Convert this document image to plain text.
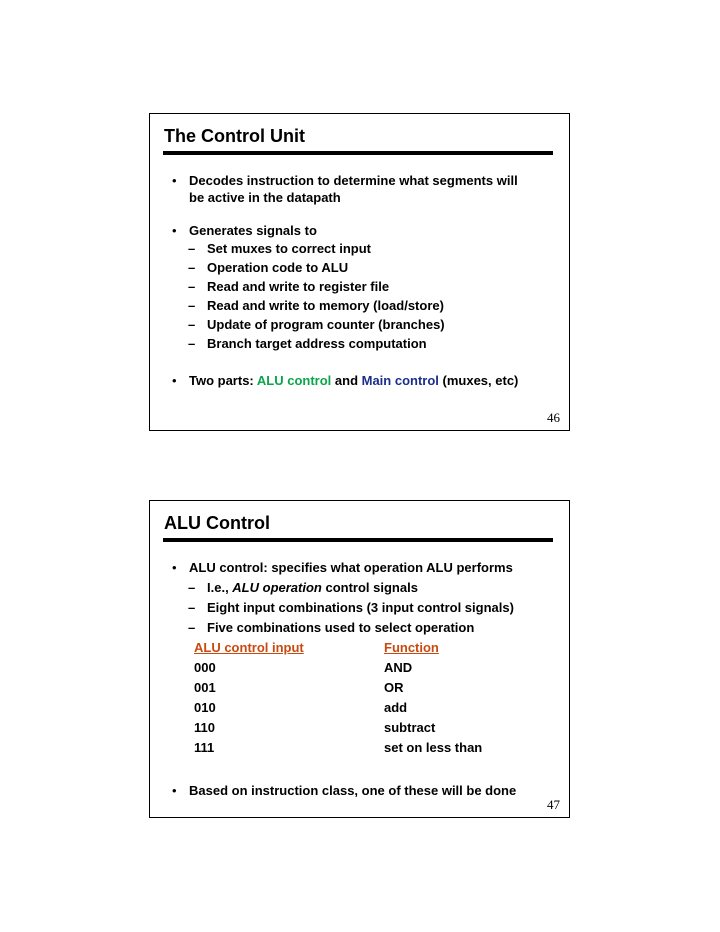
The Control Unit
• Decodes instruction to determine what segments will
be active in the datapath
• Generates signals to
– Set muxes to correct input
– Operation code to ALU
– Read and write to register file
– Read and write to memory (load/store)
– Update of program counter (branches)
– Branch target address computation
• Two parts: ALU control and Main control (muxes, etc)
46
ALU Control
• ALU control: specifies what operation ALU performs
– I.e., ALU operation control signals
– Eight input combinations (3 input control signals)
– Five combinations used to select operation
ALU control input	Function
000	AND
001	OR
010	add
110	subtract
111	set on less than
• Based on instruction class, one of these will be done
47
